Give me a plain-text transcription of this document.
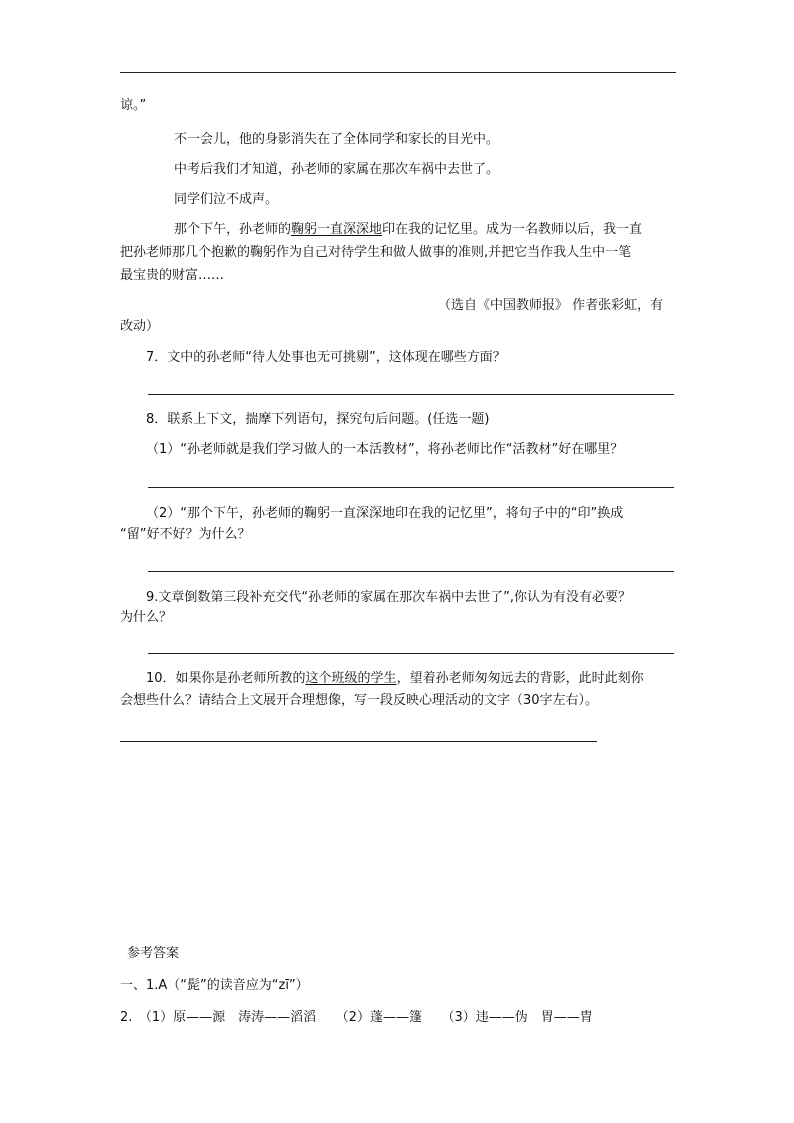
谅。”
不一会儿，他的身影消失在了全体同学和家长的目光中。
中考后我们才知道，孙老师的家属在那次车祸中去世了。
同学们泣不成声。
那个下午，孙老师的鞠躬一直深深地印在我的记忆里。成为一名教师以后，我一直
把孙老师那几个抱歉的鞠躬作为自己对待学生和做人做事的准则,并把它当作我人生中一笔
最宝贵的财富……
（选自《中国教师报》 作者张彩虹，有
改动）
7．文中的孙老师“待人处事也无可挑剔”，这体现在哪些方面？
8．联系上下文，揣摩下列语句，探究句后问题。(任选一题)
（1）“孙老师就是我们学习做人的一本活教材”，将孙老师比作“活教材”好在哪里？
（2）“那个下午，孙老师的鞠躬一直深深地印在我的记忆里”，将句子中的“印”换成
“留”好不好？为什么？
9.文章倒数第三段补充交代“孙老师的家属在那次车祸中去世了”,你认为有没有必要？
为什么？
10．如果你是孙老师所教的这个班级的学生，望着孙老师匆匆远去的背影，此时此刻你
会想些什么？请结合上文展开合理想像，写一段反映心理活动的文字（30字左右）。
参考答案
一、1.A（“髭”的读音应为“zī”）
2.　（1）原——源　涛涛——滔滔　　（2）蓬——篷　　（3）违——伪　胃——胄
